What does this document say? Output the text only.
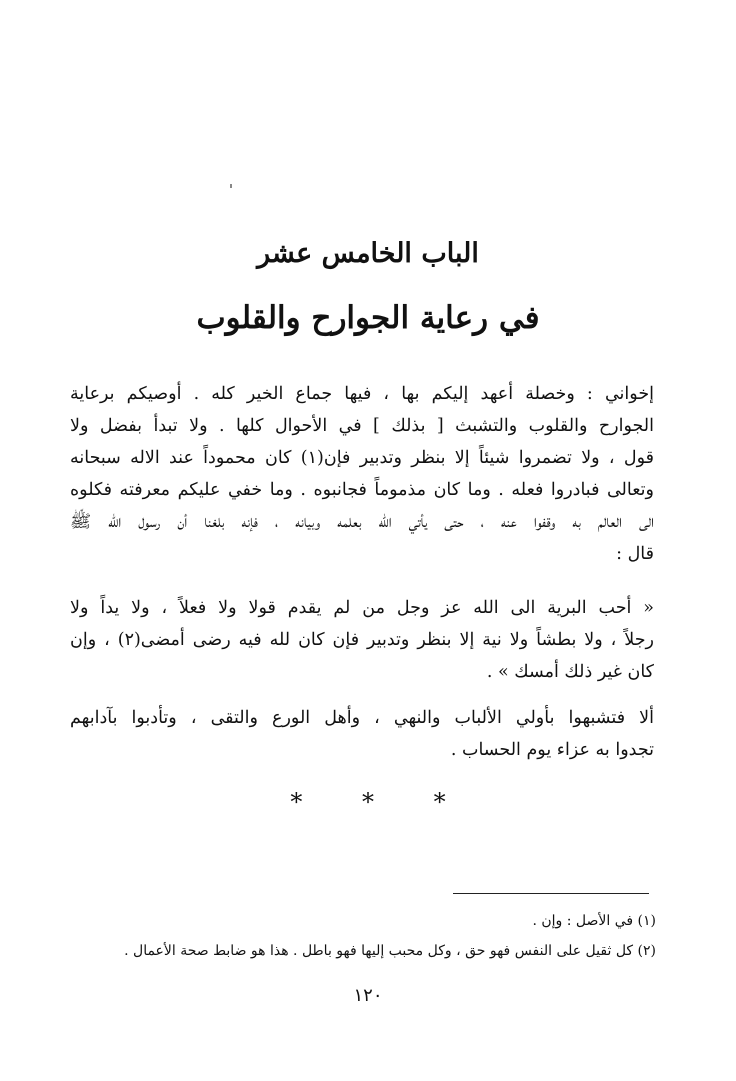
الباب الخامس عشر
في رعاية الجوارح والقلوب
إخواني : وخصلة أعهد إليكم بها ، فيها جماع الخير كله . أوصيكم برعاية
الجوارح والقلوب والتشبث [ بذلك ] في الأحوال كلها . ولا تبدأ بفضل ولا
قول ، ولا تضمروا شيئاً إلا بنظر وتدبير فإن(١) كان محموداً عند الاله سبحانه
وتعالى فبادروا فعله . وما كان مذموماً فجانبوه . وما خفي عليكم معرفته فكلوه
الى العالم به وقفوا عنه ، حتى يأتي الله بعلمه وبيانه ، فإنه بلغنا أن رسول الله ﷺ
قال :
« أحب البرية الى الله عز وجل من لم يقدم قولا ولا فعلاً ، ولا يداً ولا
رجلاً ، ولا بطشاً ولا نية إلا بنظر وتدبير فإن كان لله فيه رضى أمضى(٢) ، وإن
كان غير ذلك أمسك » .
ألا فتشبهوا بأولي الألباب والنهي ، وأهل الورع والتقى ، وتأدبوا بآدابهم
تجدوا به عزاء يوم الحساب .
* * *
(١) في الأصل : وإن .
(٢) كل ثقيل على النفس فهو حق ، وكل محبب إليها فهو باطل . هذا هو ضابط صحة الأعمال .
١٢٠
